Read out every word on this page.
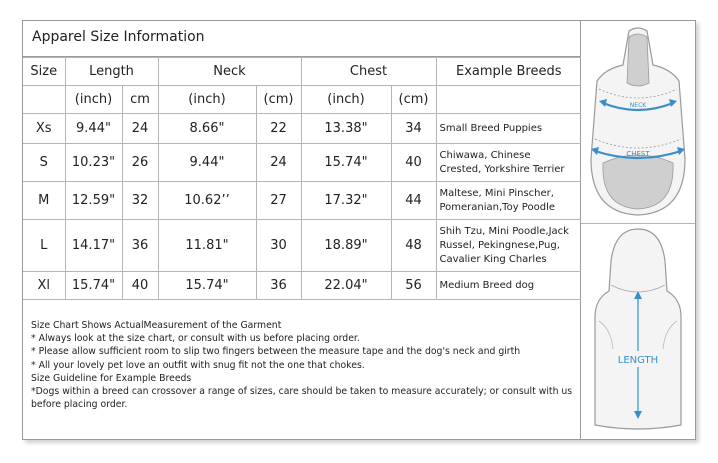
Apparel Size Information
Size	Length		Neck		Chest		Example Breeds
	(inch)	cm	(inch)	(cm)	(inch)	(cm)	
Xs	9.44"	24	8.66"	22	13.38"	34	Small Breed Puppies

S	10.23"	26	9.44"	24	15.74"	40	Chiwawa, Chinese
Crested, Yorkshire Terrier

M	12.59"	32	10.62’’	27	17.32"	44	Maltese, Mini Pinscher,
Pomeranian,Toy Poodle

L	14.17"	36	11.81"	30	18.89"	48	Shih Tzu, Mini Poodle,Jack
Russel, Pekingnese,Pug,
Cavalier King Charles

Xl	15.74"	40	15.74"	36	22.04"	56	Medium Breed dog
Size Chart Shows ActualMeasurement of the Garment
* Always look at the size chart, or consult with us before placing order.
* Please allow sufficient room to slip two fingers between the measure tape and the dog's neck and girth
* All your lovely pet love an outfit with snug fit not the one that chokes.
Size Guideline for Example Breeds
*Dogs within a breed can crossover a range of sizes, care should be taken to measure accurately; or consult with us
before placing order.
NECK
CHEST
LENGTH
